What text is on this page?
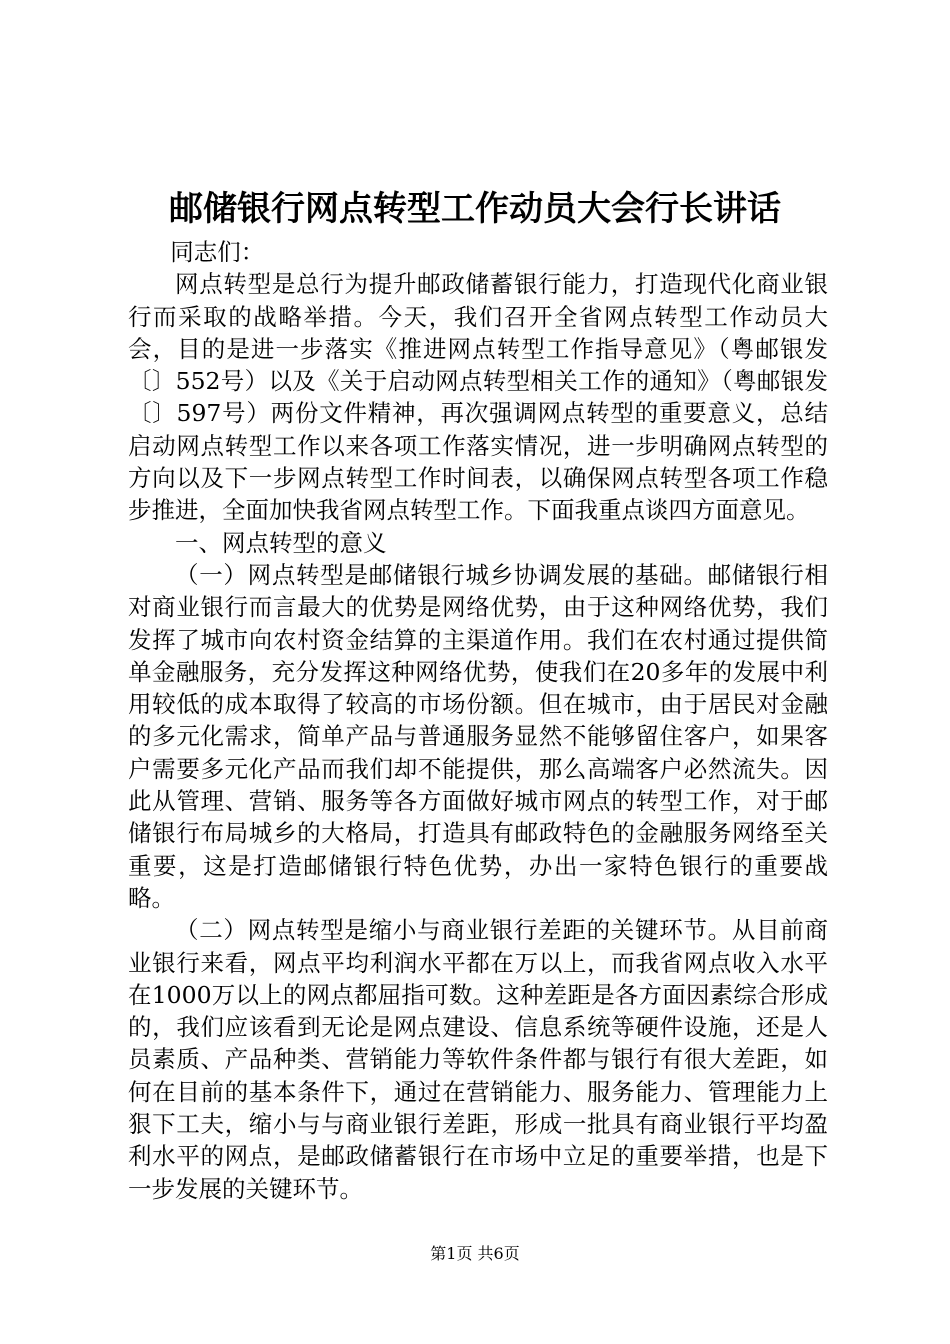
邮储银行网点转型工作动员大会行长讲话

同志们：

网点转型是总行为提升邮政储蓄银行能力，打造现代化商业银行而采取的战略举措。今天，我们召开全省网点转型工作动员大会，目的是进一步落实《推进网点转型工作指导意见》（粤邮银发〔〕552号）以及《关于启动网点转型相关工作的通知》（粤邮银发〔〕597号）两份文件精神，再次强调网点转型的重要意义，总结启动网点转型工作以来各项工作落实情况，进一步明确网点转型的方向以及下一步网点转型工作时间表，以确保网点转型各项工作稳步推进，全面加快我省网点转型工作。下面我重点谈四方面意见。

一、网点转型的意义

（一）网点转型是邮储银行城乡协调发展的基础。邮储银行相对商业银行而言最大的优势是网络优势，由于这种网络优势，我们发挥了城市向农村资金结算的主渠道作用。我们在农村通过提供简单金融服务，充分发挥这种网络优势，使我们在20多年的发展中利用较低的成本取得了较高的市场份额。但在城市，由于居民对金融的多元化需求，简单产品与普通服务显然不能够留住客户，如果客户需要多元化产品而我们却不能提供，那么高端客户必然流失。因此从管理、营销、服务等各方面做好城市网点的转型工作，对于邮储银行布局城乡的大格局，打造具有邮政特色的金融服务网络至关重要，这是打造邮储银行特色优势，办出一家特色银行的重要战略。

（二）网点转型是缩小与商业银行差距的关键环节。从目前商业银行来看，网点平均利润水平都在万以上，而我省网点收入水平在1000万以上的网点都屈指可数。这种差距是各方面因素综合形成的，我们应该看到无论是网点建设、信息系统等硬件设施，还是人员素质、产品种类、营销能力等软件条件都与银行有很大差距，如何在目前的基本条件下，通过在营销能力、服务能力、管理能力上狠下工夫，缩小与与商业银行差距，形成一批具有商业银行平均盈利水平的网点，是邮政储蓄银行在市场中立足的重要举措，也是下一步发展的关键环节。

第1页 共6页
